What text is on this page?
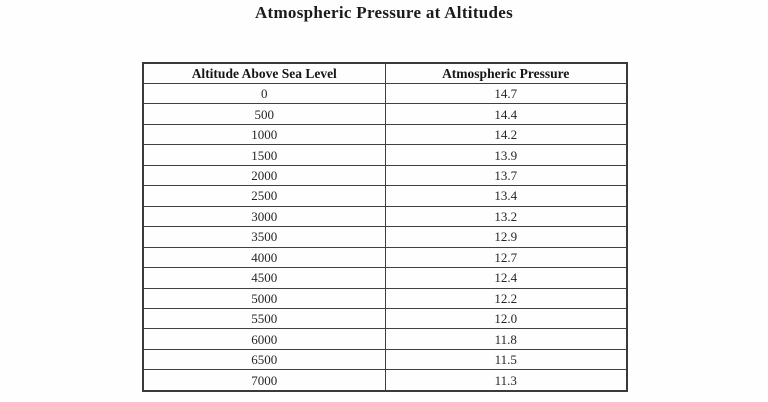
Atmospheric Pressure at Altitudes
Altitude Above Sea Level	Atmospheric Pressure
0	14.7
500	14.4
1000	14.2
1500	13.9
2000	13.7
2500	13.4
3000	13.2
3500	12.9
4000	12.7
4500	12.4
5000	12.2
5500	12.0
6000	11.8
6500	11.5
7000	11.3
